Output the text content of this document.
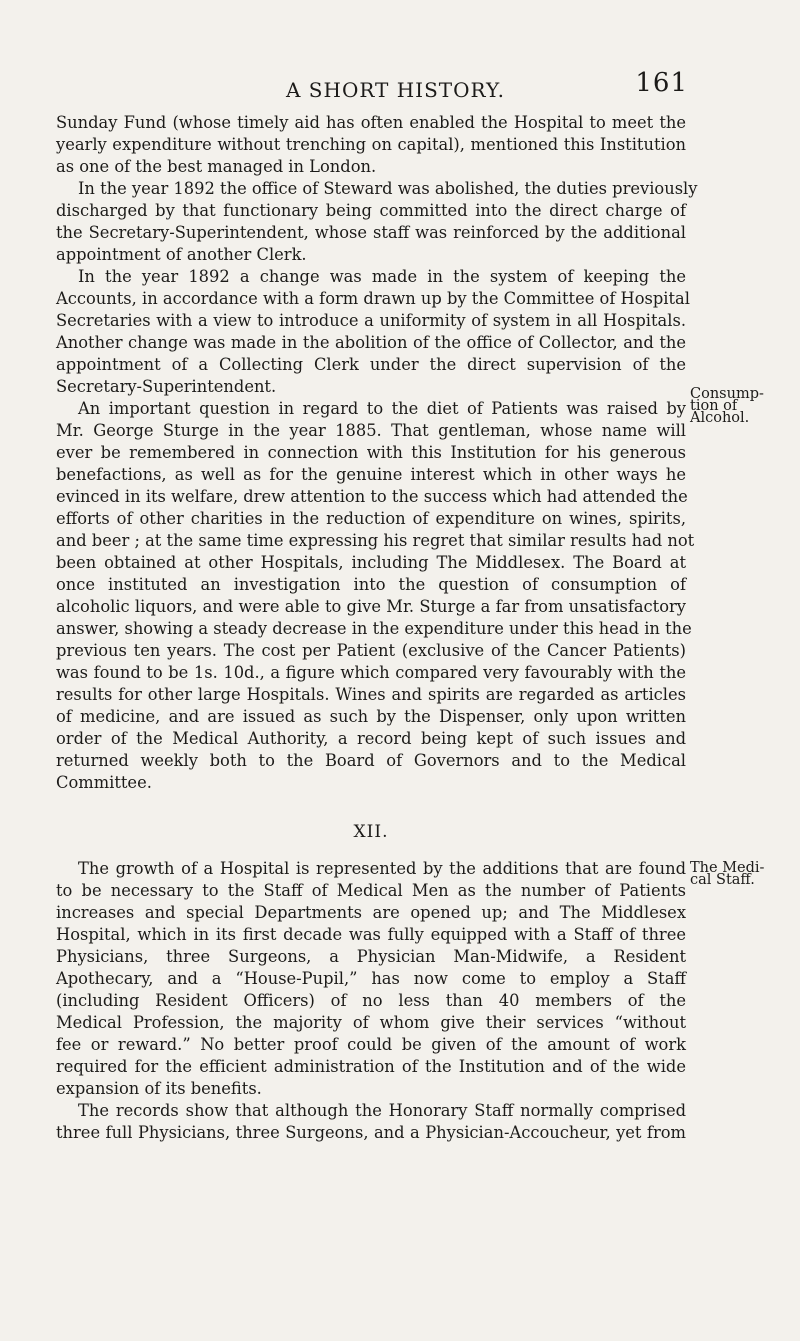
A SHORT HISTORY.	161
Sunday Fund (whose timely aid has often enabled the Hospital to meet the
yearly expenditure without trenching on capital), mentioned this Institution
as one of the best managed in London.
In the year 1892 the office of Steward was abolished, the duties previously
discharged by that functionary being committed into the direct charge of
the Secretary-Superintendent, whose staff was reinforced by the additional
appointment of another Clerk.
In the year 1892 a change was made in the system of keeping the
Accounts, in accordance with a form drawn up by the Committee of Hospital
Secretaries with a view to introduce a uniformity of system in all Hospitals.
Another change was made in the abolition of the office of Collector, and the
appointment of a Collecting Clerk under the direct supervision of the
Secretary-Superintendent.
An important question in regard to the diet of Patients was raised by
Mr. George Sturge in the year 1885. That gentleman, whose name will
ever be remembered in connection with this Institution for his generous
benefactions, as well as for the genuine interest which in other ways he
evinced in its welfare, drew attention to the success which had attended the
efforts of other charities in the reduction of expenditure on wines, spirits,
and beer ; at the same time expressing his regret that similar results had not
been obtained at other Hospitals, including The Middlesex. The Board at
once instituted an investigation into the question of consumption of
alcoholic liquors, and were able to give Mr. Sturge a far from unsatisfactory
answer, showing a steady decrease in the expenditure under this head in the
previous ten years. The cost per Patient (exclusive of the Cancer Patients)
was found to be 1s. 10d., a figure which compared very favourably with the
results for other large Hospitals. Wines and spirits are regarded as articles
of medicine, and are issued as such by the Dispenser, only upon written
order of the Medical Authority, a record being kept of such issues and
returned weekly both to the Board of Governors and to the Medical
Committee.
XII.
The growth of a Hospital is represented by the additions that are found
to be necessary to the Staff of Medical Men as the number of Patients
increases and special Departments are opened up; and The Middlesex
Hospital, which in its first decade was fully equipped with a Staff of three
Physicians, three Surgeons, a Physician Man-Midwife, a Resident
Apothecary, and a “House-Pupil,” has now come to employ a Staff
(including Resident Officers) of no less than 40 members of the
Medical Profession, the majority of whom give their services “without
fee or reward.” No better proof could be given of the amount of work
required for the efficient administration of the Institution and of the wide
expansion of its benefits.
The records show that although the Honorary Staff normally comprised
three full Physicians, three Surgeons, and a Physician-Accoucheur, yet from
Consump-
tion of
Alcohol.
The Medi-
cal Staff.
